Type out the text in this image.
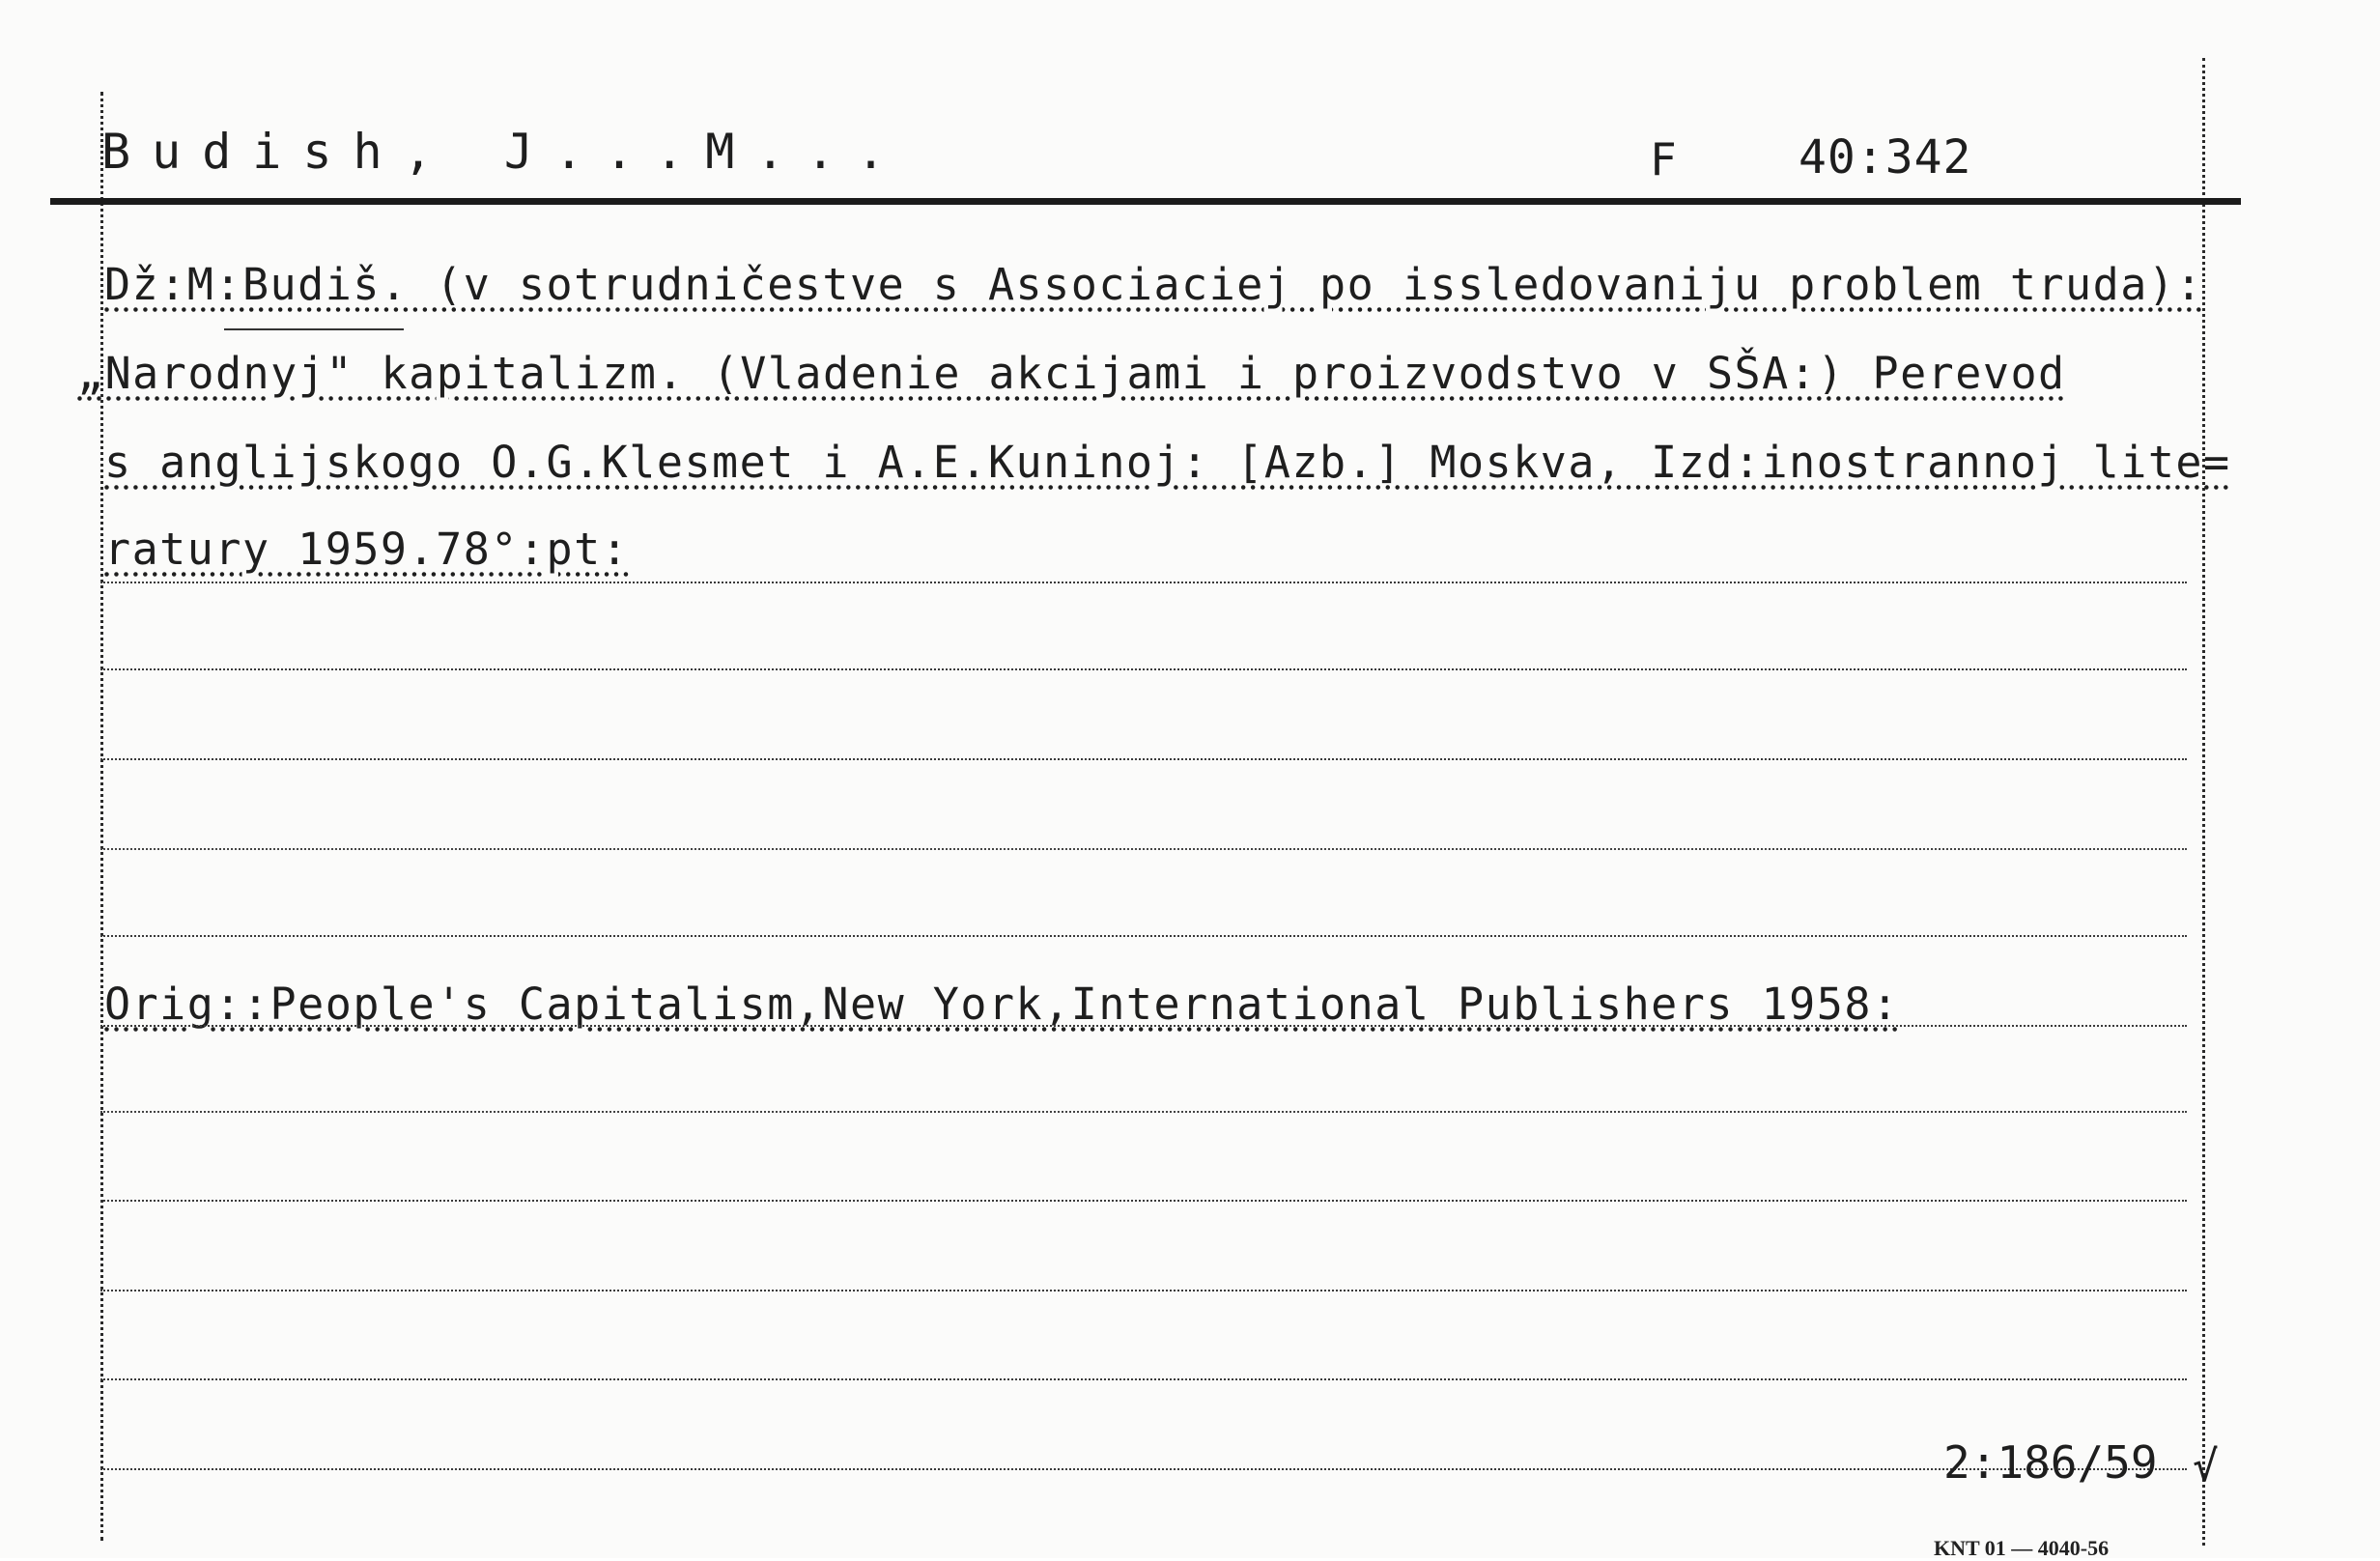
Budish, J...M...	F	40:342
Dž:M:Budiš. (v sotrudničestve s Associaciej po issledovaniju problem truda):
„Narodnyj" kapitalizm. (Vladenie akcijami i proizvodstvo v SŠA:) Perevod
s anglijskogo O.G.Klesmet i A.E.Kuninoj: [Azb.] Moskva, Izd:inostrannoj lite=
ratury 1959.78°:pt:
Orig::People's Capitalism,New York,International Publishers 1958:
2:186/59 √
KNT 01 — 4040-56
